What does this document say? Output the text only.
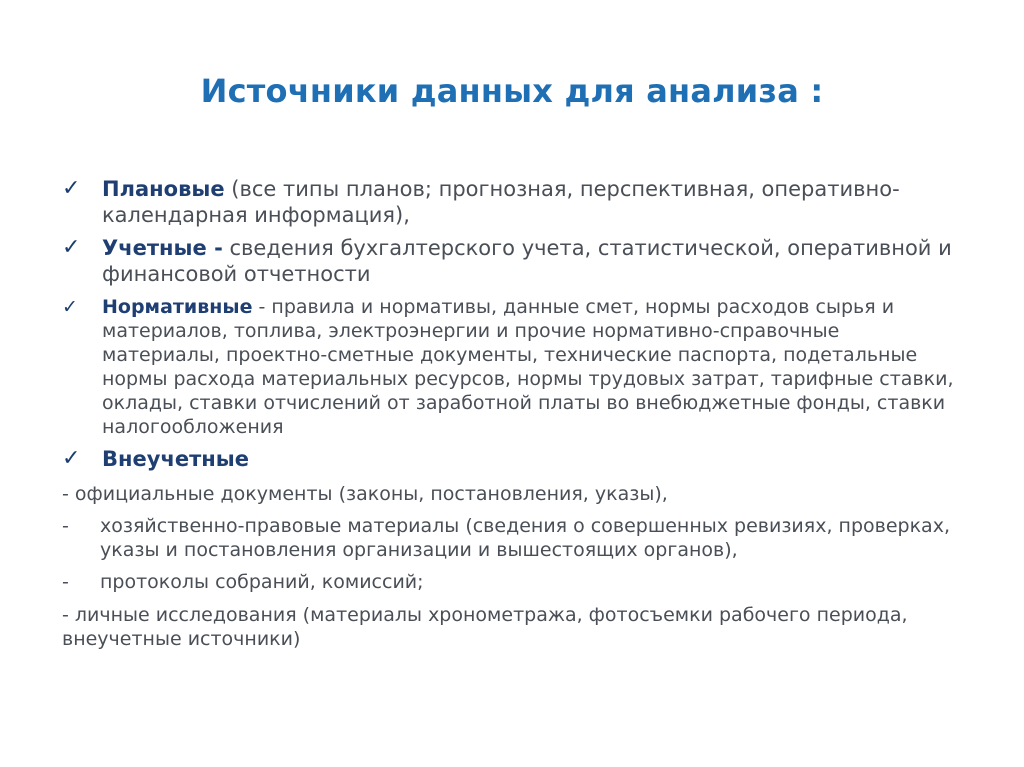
Источники данных для анализа :
✓ Плановые (все типы планов; прогнозная, перспективная, оперативно-календарная информация),
✓ Учетные - сведения бухгалтерского учета, статистической, оперативной и финансовой отчетности
✓ Нормативные - правила и нормативы, данные смет, нормы расходов сырья и материалов, топлива, электроэнергии и прочие нормативно-справочные материалы, проектно-сметные документы, технические паспорта, подетальные нормы расхода материальных ресурсов, нормы трудовых затрат, тарифные ставки, оклады, ставки отчислений от заработной платы во внебюджетные фонды, ставки налогообложения
✓ Внеучетные

- официальные документы (законы, постановления, указы),

- хозяйственно-правовые материалы (сведения о совершенных ревизиях, проверках, указы и постановления организации и вышестоящих органов),
- протоколы собраний, комиссий;

- личные исследования (материалы хронометража, фотосъемки рабочего периода, внеучетные источники)
